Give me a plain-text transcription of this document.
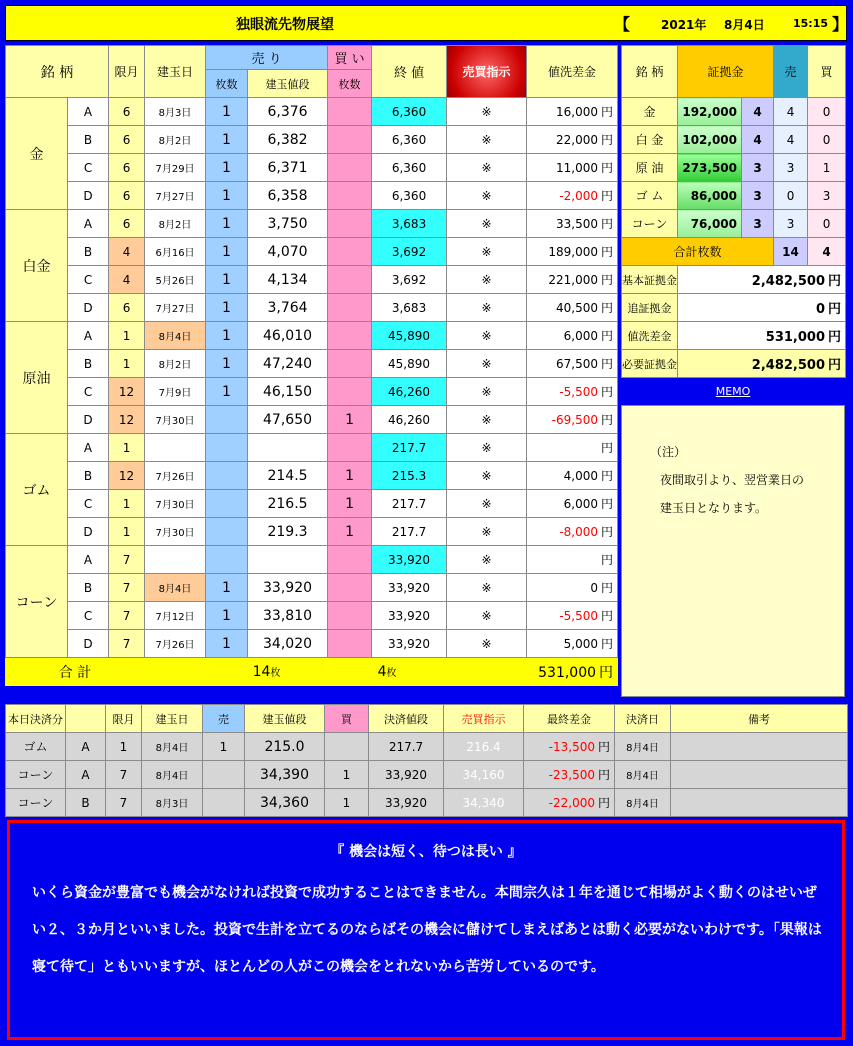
独眼流先物展望	【	2021年 8月4日	15:15 】
銘 柄		限月	建玉日	売 り		買 い	終 値	売買指示	値洗差金
				枚数	建玉値段	枚数			
金	A	6	8月3日	1	6,376		6,360	※	16,000 円
	B	6	8月2日	1	6,382		6,360	※	22,000 円
	C	6	7月29日	1	6,371		6,360	※	11,000 円
	D	6	7月27日	1	6,358		6,360	※	-2,000 円
白金	A	6	8月2日	1	3,750		3,683	※	33,500 円
	B	4	6月16日	1	4,070		3,692	※	189,000 円
	C	4	5月26日	1	4,134		3,692	※	221,000 円
	D	6	7月27日	1	3,764		3,683	※	40,500 円
原油	A	1	8月4日	1	46,010		45,890	※	6,000 円
	B	1	8月2日	1	47,240		45,890	※	67,500 円
	C	12	7月9日	1	46,150		46,260	※	-5,500 円
	D	12	7月30日		47,650	1	46,260	※	-69,500 円
ゴム	A	1					217.7	※	円
	B	12	7月26日		214.5	1	215.3	※	4,000 円
	C	1	7月30日		216.5	1	217.7	※	6,000 円
	D	1	7月30日		219.3	1	217.7	※	-8,000 円
コーン	A	7					33,920	※	円
	B	7	8月4日	1	33,920		33,920	※	0 円
	C	7	7月12日	1	33,810		33,920	※	-5,500 円
	D	7	7月26日	1	34,020		33,920	※	5,000 円
合 計				14枚		4枚			531,000 円
銘 柄	証拠金		売	買
金	192,000	4	4	0
白 金	102,000	4	4	0
原 油	273,500	3	3	1
ゴ ム	86,000	3	0	3
コーン	76,000	3	3	0
合計枚数			14	4
基本証拠金	2,482,500 円			
追証拠金	0 円			
値洗差金	531,000 円			
必要証拠金	2,482,500 円			
MEMO
（注）
夜間取引より、翌営業日の
建玉日となります。
本日決済分		限月	建玉日	売	建玉値段	買	決済値段	売買指示	最終差金	決済日	備考
ゴム	A	1	8月4日	1	215.0		217.7	216.4	-13,500 円	8月4日	
コーン	A	7	8月4日		34,390	1	33,920	34,160	-23,500 円	8月4日	
コーン	B	7	8月3日		34,360	1	33,920	34,340	-22,000 円	8月4日	
『 機会は短く、待つは長い 』
いくら資金が豊富でも機会がなければ投資で成功することはできません。本間宗久は１年を通じて相場がよく動くのはせいぜい２、３か月といいました。投資で生計を立てるのならばその機会に儲けてしまえばあとは動く必要がないわけです。「果報は寝て待て」ともいいますが、ほとんどの人がこの機会をとれないから苦労しているのです。
